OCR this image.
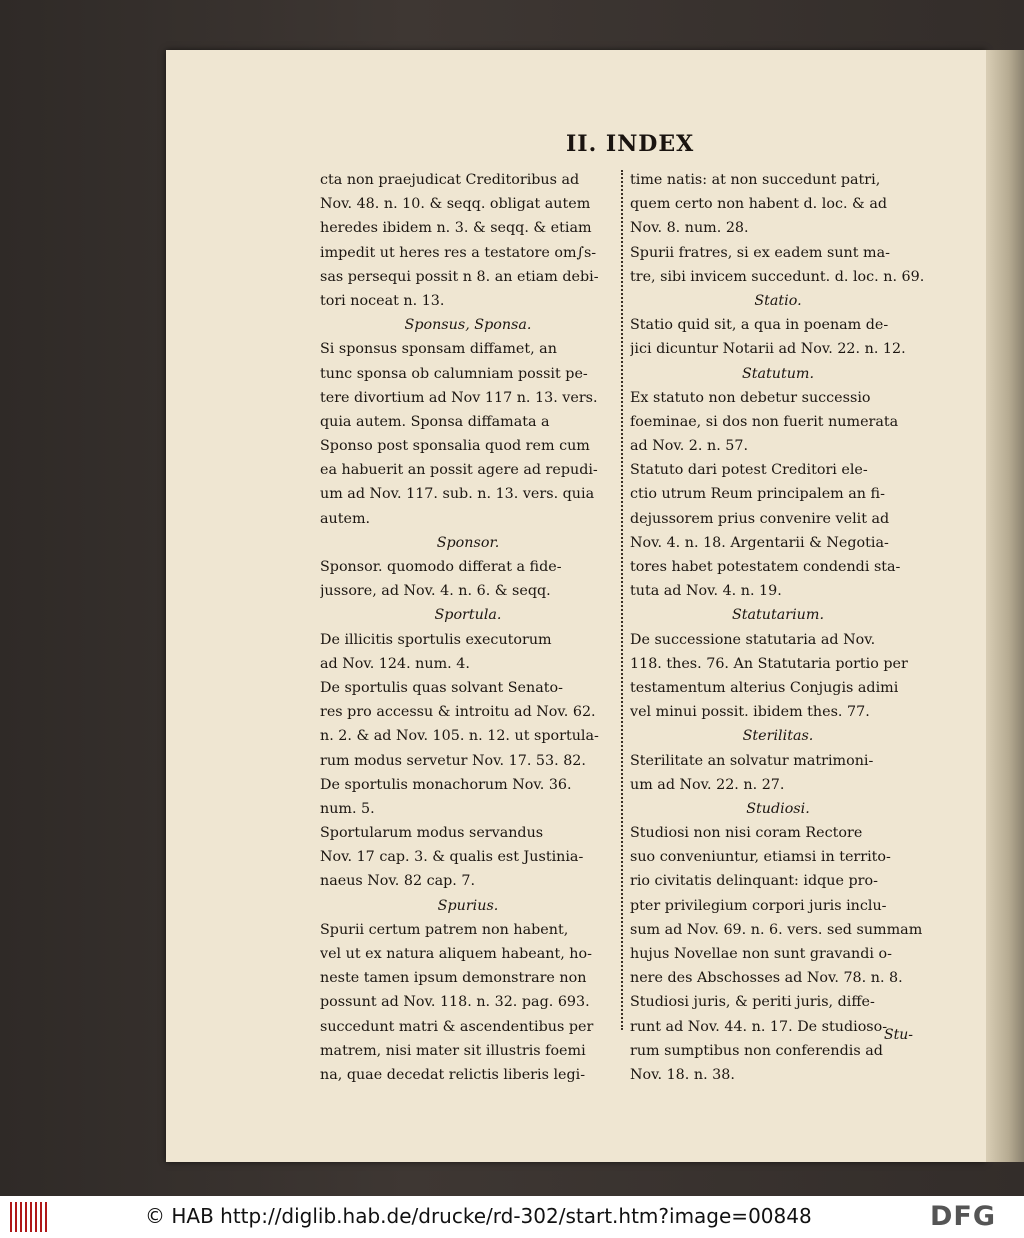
II. INDEX
cta non praejudicat Creditoribus ad
Nov. 48. n. 10. & seqq. obligat autem
heredes ibidem n. 3. & seqq. & etiam
impedit ut heres res a testatore om∫s-
sas persequi possit n 8. an etiam debi-
tori noceat n. 13.
Sponsus, Sponsa.
Si sponsus sponsam diffamet, an
tunc sponsa ob calumniam possit pe-
tere divortium ad Nov 117 n. 13. vers.
quia autem. Sponsa diffamata a
Sponso post sponsalia quod rem cum
ea habuerit an possit agere ad repudi-
um ad Nov. 117. sub. n. 13. vers. quia
autem.
Sponsor.
Sponsor. quomodo differat a fide-
jussore, ad Nov. 4. n. 6. & seqq.
Sportula.
De illicitis sportulis executorum
ad Nov. 124. num. 4.
De sportulis quas solvant Senato-
res pro accessu & introitu ad Nov. 62.
n. 2. & ad Nov. 105. n. 12. ut sportula-
rum modus servetur Nov. 17. 53. 82.
De sportulis monachorum Nov. 36.
num. 5.
Sportularum modus servandus
Nov. 17 cap. 3. & qualis est Justinia-
naeus Nov. 82 cap. 7.
Spurius.
Spurii certum patrem non habent,
vel ut ex natura aliquem habeant, ho-
neste tamen ipsum demonstrare non
possunt ad Nov. 118. n. 32. pag. 693.
succedunt matri & ascendentibus per
matrem, nisi mater sit illustris foemi
na, quae decedat relictis liberis legi-
time natis: at non succedunt patri,
quem certo non habent d. loc. & ad
Nov. 8. num. 28.
Spurii fratres, si ex eadem sunt ma-
tre, sibi invicem succedunt. d. loc. n. 69.
Statio.
Statio quid sit, a qua in poenam de-
jici dicuntur Notarii ad Nov. 22. n. 12.
Statutum.
Ex statuto non debetur successio
foeminae, si dos non fuerit numerata
ad Nov. 2. n. 57.
Statuto dari potest Creditori ele-
ctio utrum Reum principalem an fi-
dejussorem prius convenire velit ad
Nov. 4. n. 18. Argentarii & Negotia-
tores habet potestatem condendi sta-
tuta ad Nov. 4. n. 19.
Statutarium.
De successione statutaria ad Nov.
118. thes. 76. An Statutaria portio per
testamentum alterius Conjugis adimi
vel minui possit. ibidem thes. 77.
Sterilitas.
Sterilitate an solvatur matrimoni-
um ad Nov. 22. n. 27.
Studiosi.
Studiosi non nisi coram Rectore
suo conveniuntur, etiamsi in territo-
rio civitatis delinquant: idque pro-
pter privilegium corpori juris inclu-
sum ad Nov. 69. n. 6. vers. sed summam
hujus Novellae non sunt gravandi o-
nere des Abschosses ad Nov. 78. n. 8.
Studiosi juris, & periti juris, diffe-
runt ad Nov. 44. n. 17. De studioso-
rum sumptibus non conferendis ad
Nov. 18. n. 38.
Stu-
© HAB http://diglib.hab.de/drucke/rd-302/start.htm?image=00848	DFG
